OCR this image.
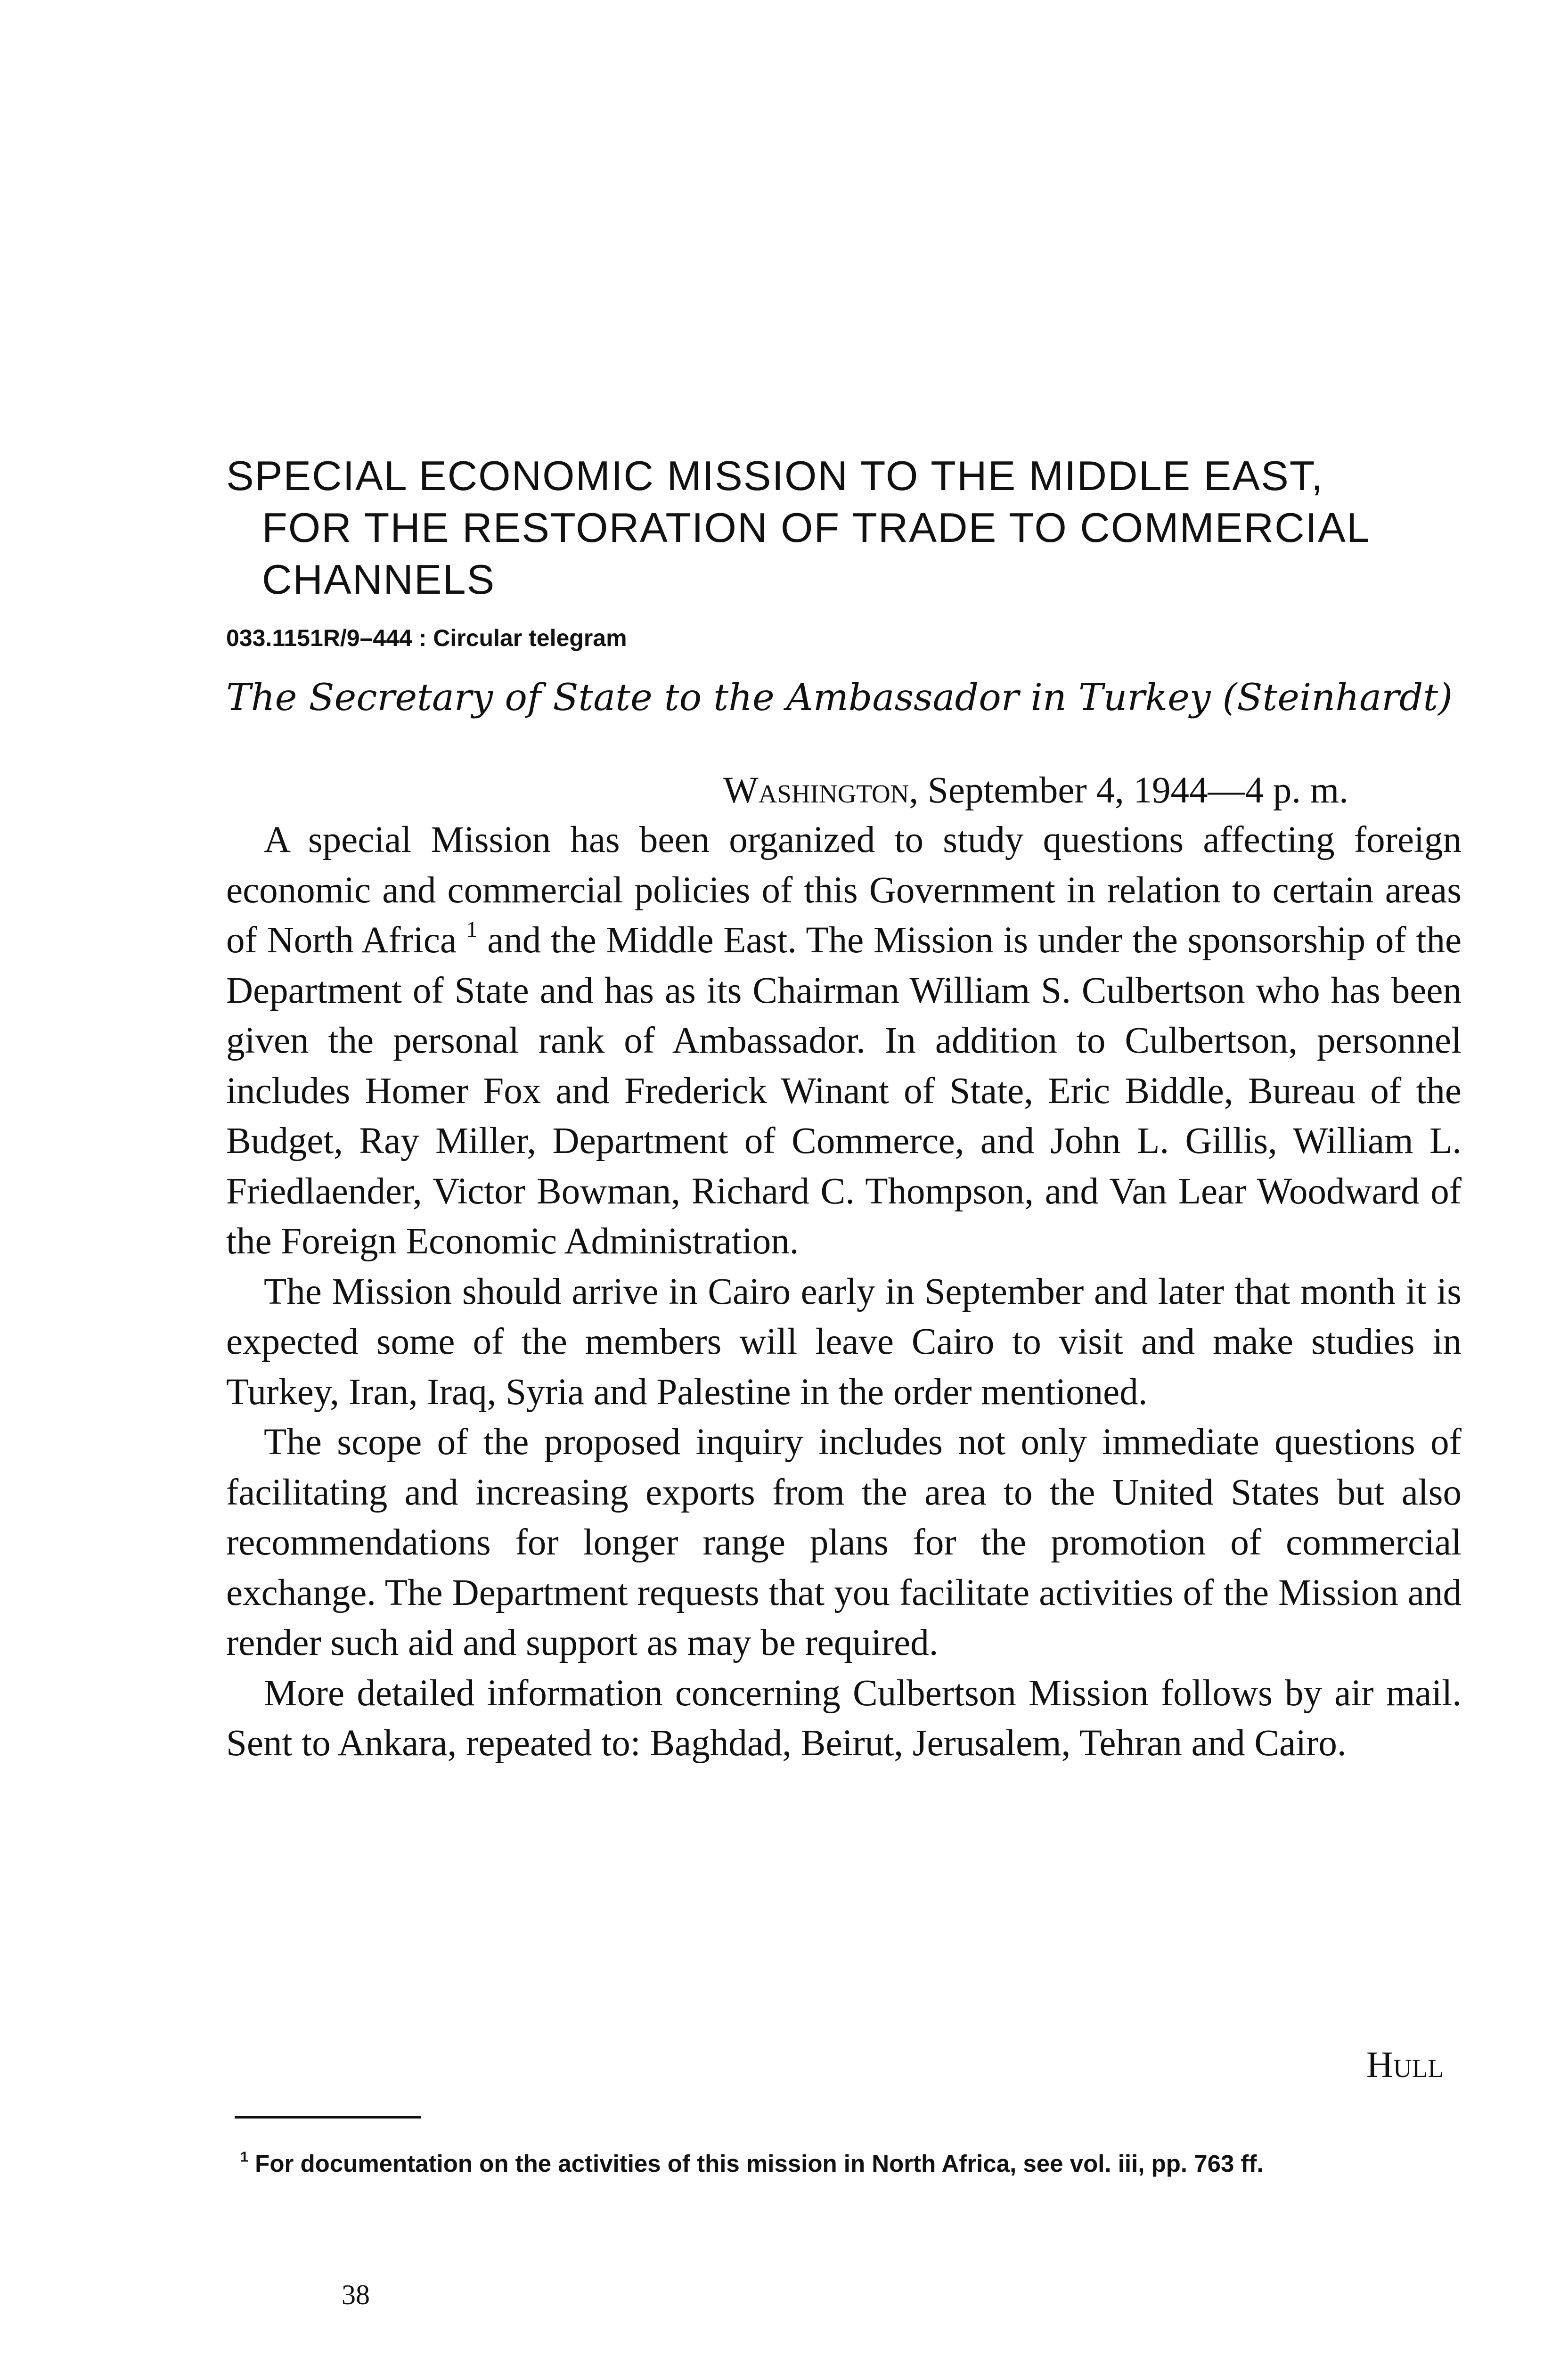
SPECIAL ECONOMIC MISSION TO THE MIDDLE EAST,
FOR THE RESTORATION OF TRADE TO COMMERCIAL
CHANNELS
033.1151R/9–444 : Circular telegram
The Secretary of State to the Ambassador in Turkey (Steinhardt)
Washington, September 4, 1944—4 p. m.

A special Mission has been organized to study questions affecting foreign economic and commercial policies of this Government in relation to certain areas of North Africa $^1$ and the Middle East. The Mission is under the sponsorship of the Department of State and has as its Chairman William S. Culbertson who has been given the personal rank of Ambassador. In addition to Culbertson, personnel includes Homer Fox and Frederick Winant of State, Eric Biddle, Bureau of the Budget, Ray Miller, Department of Commerce, and John L. Gillis, William L. Friedlaender, Victor Bowman, Richard C. Thompson, and Van Lear Woodward of the Foreign Economic Administration.

The Mission should arrive in Cairo early in September and later that month it is expected some of the members will leave Cairo to visit and make studies in Turkey, Iran, Iraq, Syria and Palestine in the order mentioned.

The scope of the proposed inquiry includes not only immediate questions of facilitating and increasing exports from the area to the United States but also recommendations for longer range plans for the promotion of commercial exchange. The Department requests that you facilitate activities of the Mission and render such aid and support as may be required.

More detailed information concerning Culbertson Mission follows by air mail. Sent to Ankara, repeated to: Baghdad, Beirut, Jerusalem, Tehran and Cairo.

Hull

$^1$ For documentation on the activities of this mission in North Africa, see vol. iii, pp. 763 ff.

38
